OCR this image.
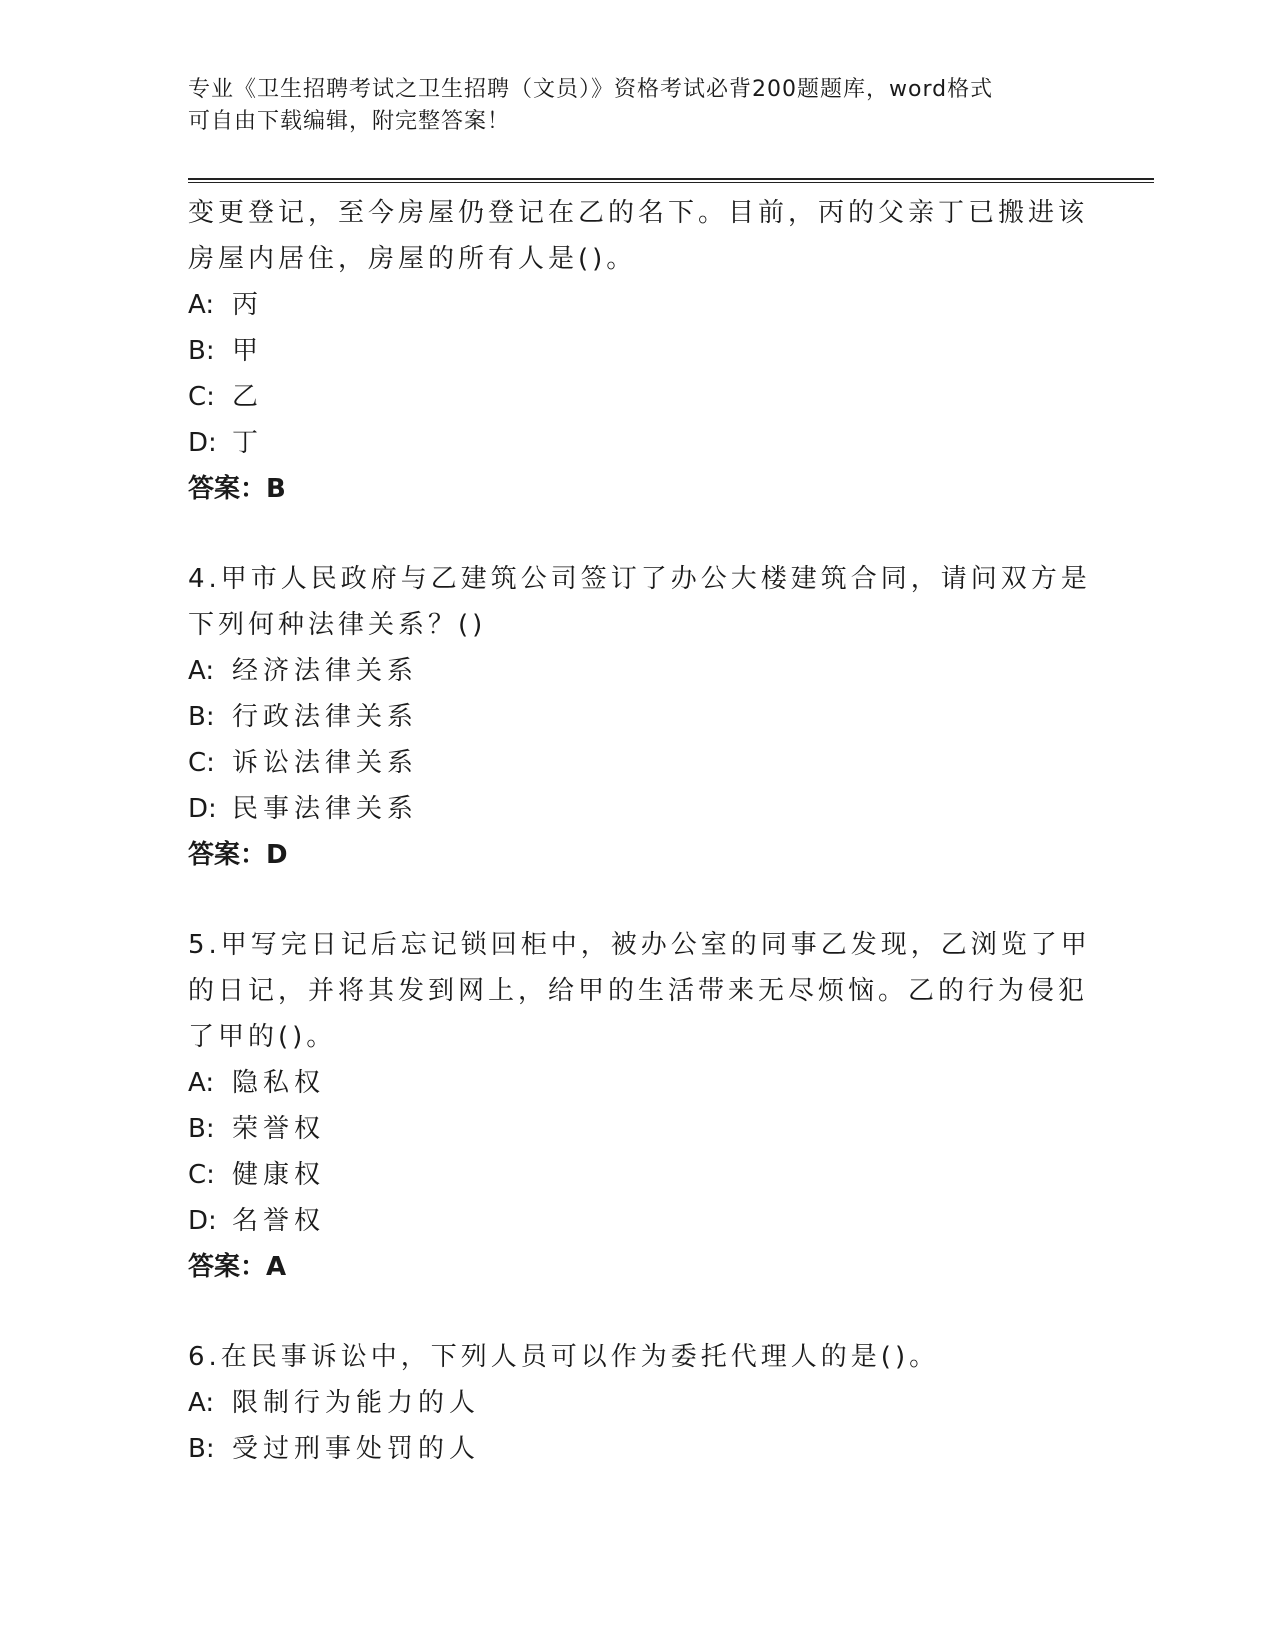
专业《卫生招聘考试之卫生招聘（文员）》资格考试必背200题题库，word格式
可自由下载编辑，附完整答案！
变更登记，至今房屋仍登记在乙的名下。目前，丙的父亲丁已搬进该
房屋内居住，房屋的所有人是()。
A: 丙
B: 甲
C: 乙
D: 丁
答案：B
4.甲市人民政府与乙建筑公司签订了办公大楼建筑合同，请问双方是
下列何种法律关系？()
A: 经济法律关系
B: 行政法律关系
C: 诉讼法律关系
D: 民事法律关系
答案：D
5.甲写完日记后忘记锁回柜中，被办公室的同事乙发现，乙浏览了甲
的日记，并将其发到网上，给甲的生活带来无尽烦恼。乙的行为侵犯
了甲的()。
A: 隐私权
B: 荣誉权
C: 健康权
D: 名誉权
答案：A
6.在民事诉讼中，下列人员可以作为委托代理人的是()。
A: 限制行为能力的人
B: 受过刑事处罚的人
